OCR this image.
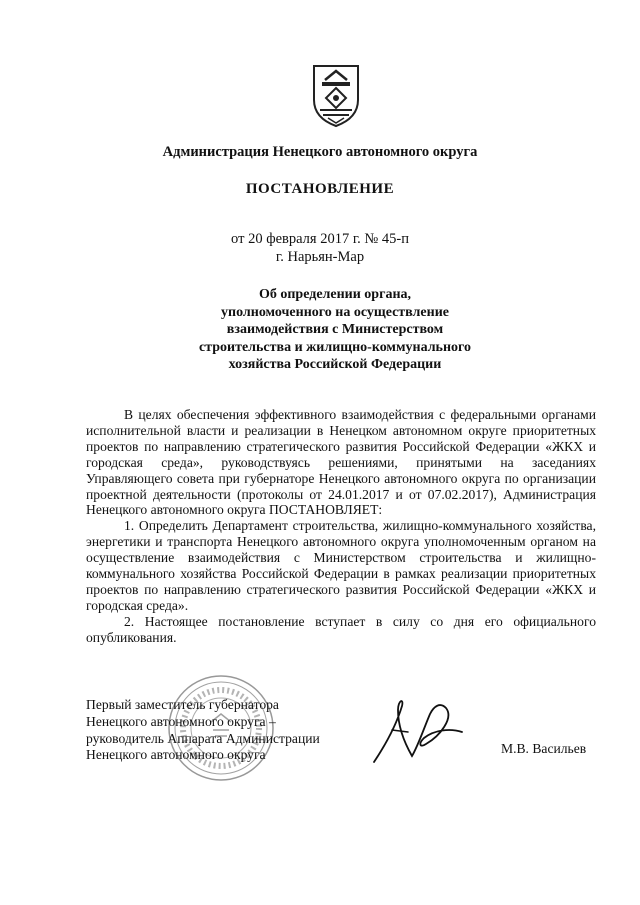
Администрация Ненецкого автономного округа
ПОСТАНОВЛЕНИЕ
от 20 февраля 2017 г. № 45-п
г. Нарьян-Мар
Об определении органа,
уполномоченного на осуществление
взаимодействия с Министерством
строительства и жилищно-коммунального
хозяйства Российской Федерации

В целях обеспечения эффективного взаимодействия с федеральными органами исполнительной власти и реализации в Ненецком автономном округе приоритетных проектов по направлению стратегического развития Российской Федерации «ЖКХ и городская среда», руководствуясь решениями, принятыми на заседаниях Управляющего совета при губернаторе Ненецкого автономного округа по организации проектной деятельности (протоколы от 24.01.2017 и от 07.02.2017), Администрация Ненецкого автономного округа ПОСТАНОВЛЯЕТ:

1. Определить Департамент строительства, жилищно-коммунального хозяйства, энергетики и транспорта Ненецкого автономного округа уполномоченным органом на осуществление взаимодействия с Министерством строительства и жилищно-коммунального хозяйства Российской Федерации в рамках реализации приоритетных проектов по направлению стратегического развития Российской Федерации «ЖКХ и городская среда».

2. Настоящее постановление вступает в силу со дня его официального опубликования.

Первый заместитель губернатора
Ненецкого автономного округа –
руководитель Аппарата Администрации
Ненецкого автономного округа	М.В. Васильев
